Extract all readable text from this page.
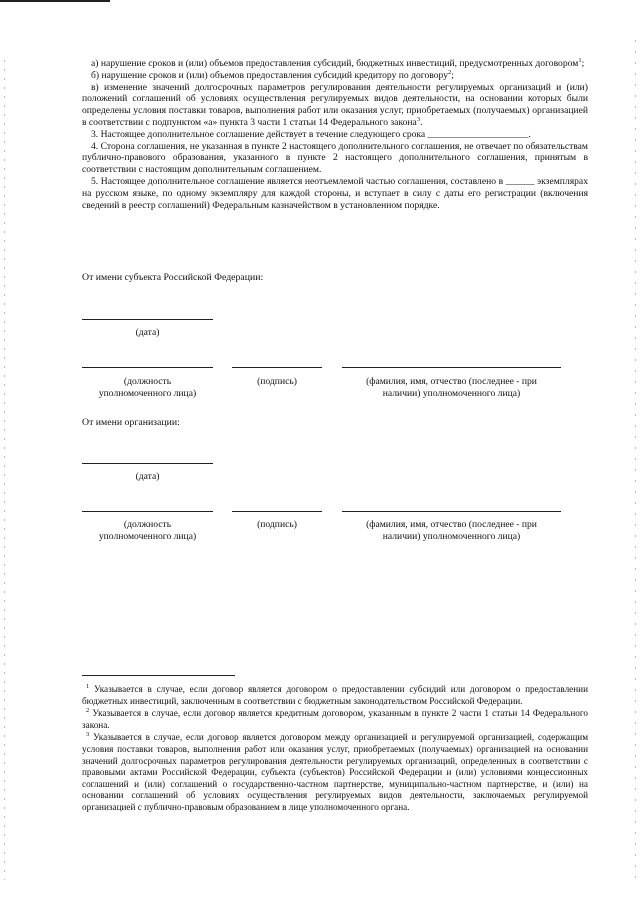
а) нарушение сроков и (или) объемов предоставления субсидий, бюджетных инвестиций, предусмотренных договором$^1$;

б) нарушение сроков и (или) объемов предоставления субсидий кредитору по договору$^2$;

в) изменение значений долгосрочных параметров регулирования деятельности регулируемых организаций и (или) положений соглашений об условиях осуществления регулируемых видов деятельности, на основании которых были определены условия поставки товаров, выполнения работ или оказания услуг, приобретаемых (получаемых) организацией в соответствии с подпунктом «а» пункта 3 части 1 статьи 14 Федерального закона$^3$.

3. Настоящее дополнительное соглашение действует в течение следующего срока _____________________.

4. Сторона соглашения, не указанная в пункте 2 настоящего дополнительного соглашения, не отвечает по обязательствам публично-правового образования, указанного в пункте 2 настоящего дополнительного соглашения, принятым в соответствии с настоящим дополнительным соглашением.

5. Настоящее дополнительное соглашение является неотъемлемой частью соглашения, составлено в ______ экземплярах на русском языке, по одному экземпляру для каждой стороны, и вступает в силу с даты его регистрации (включения сведений в реестр соглашений) Федеральным казначейством в установленном порядке.

От имени субъекта Российской Федерации:
(дата)
(должность
уполномоченного лица)
(подпись)	(фамилия, имя, отчество (последнее - при
наличии) уполномоченного лица)
От имени организации:
(дата)
(должность
уполномоченного лица)
(подпись)	(фамилия, имя, отчество (последнее - при
наличии) уполномоченного лица)

$^1$ Указывается в случае, если договор является договором о предоставлении субсидий или договором о предоставлении бюджетных инвестиций, заключенным в соответствии с бюджетным законодательством Российской Федерации.

$^2$ Указывается в случае, если договор является кредитным договором, указанным в пункте 2 части 1 статьи 14 Федерального закона.

$^3$ Указывается в случае, если договор является договором между организацией и регулируемой организацией, содержащим условия поставки товаров, выполнения работ или оказания услуг, приобретаемых (получаемых) организацией на основании значений долгосрочных параметров регулирования деятельности регулируемых организаций, определенных в соответствии с правовыми актами Российской Федерации, субъекта (субъектов) Российской Федерации и (или) условиями концессионных соглашений и (или) соглашений о государственно-частном партнерстве, муниципально-частном партнерстве, и (или) на основании соглашений об условиях осуществления регулируемых видов деятельности, заключаемых регулируемой организацией с публично-правовым образованием в лице уполномоченного органа.
